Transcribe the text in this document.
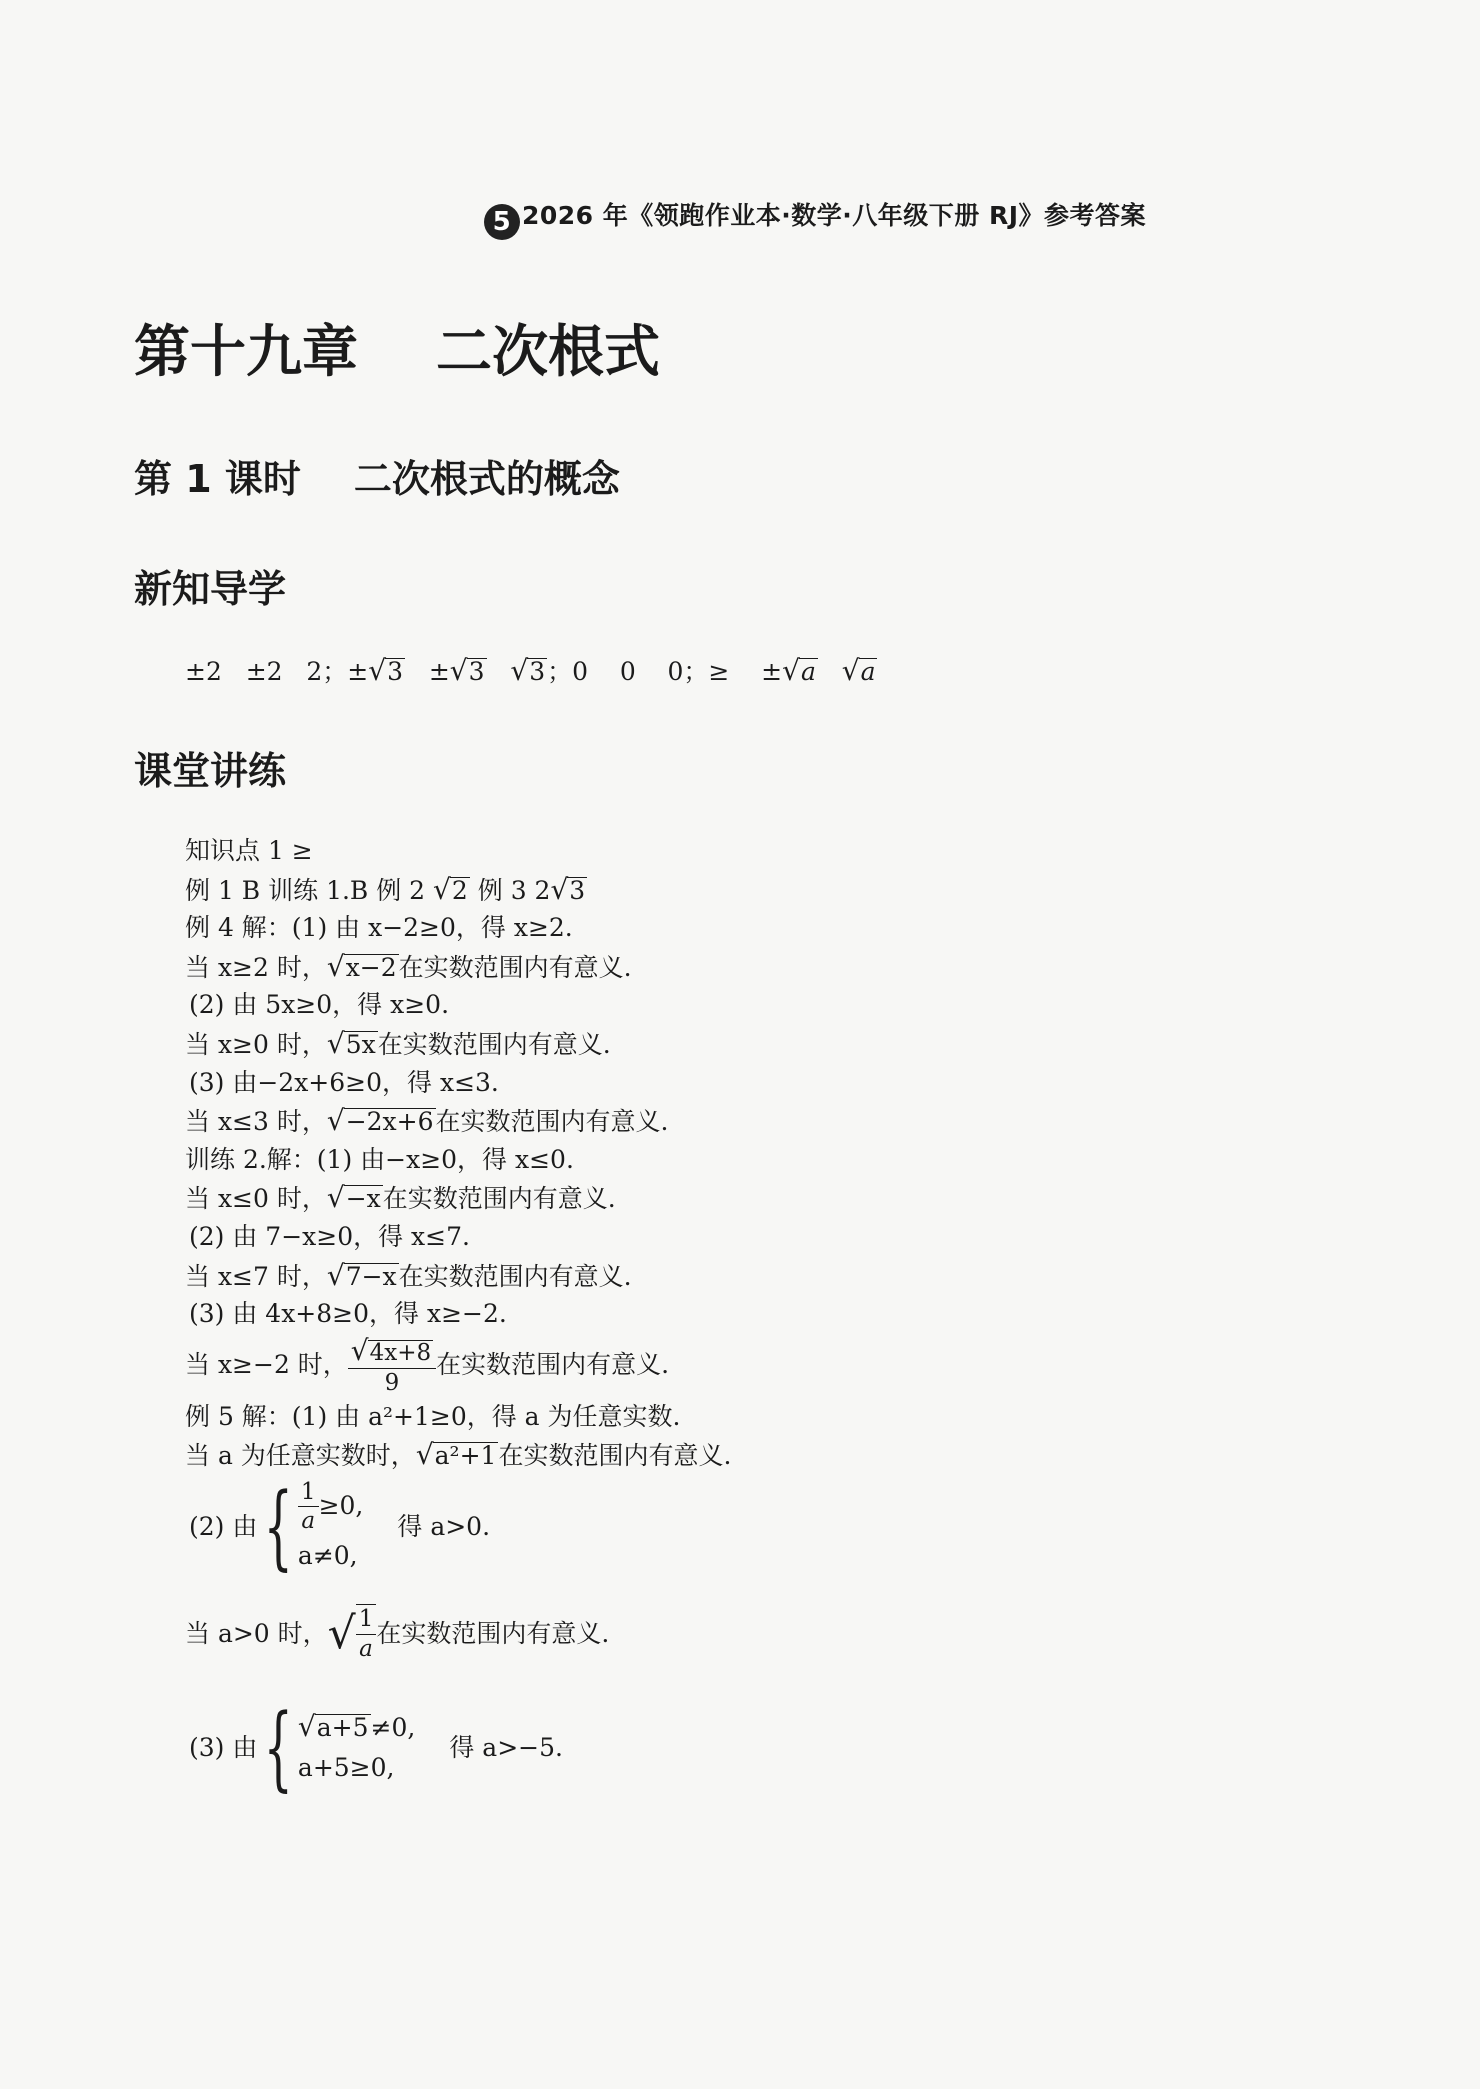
5 2026 年《领跑作业本·数学·八年级下册 RJ》参考答案
第十九章    二次根式
第 1 课时    二次根式的概念
新知导学
±2   ±2   2；±√3   ±√3 √3；0    0    0；≥    ±√a √a
课堂讲练
知识点 1 ≥
例 1 B 训练 1.B 例 2 √2 例 3 2√3
例 4 解：(1) 由 x−2≥0，得 x≥2.
当 x≥2 时，√x−2在实数范围内有意义.
(2) 由 5x≥0，得 x≥0.
当 x≥0 时，√5x在实数范围内有意义.
(3) 由−2x+6≥0，得 x≤3.
当 x≤3 时，√−2x+6在实数范围内有意义.
训练 2.解：(1) 由−x≥0，得 x≤0.
当 x≤0 时，√−x在实数范围内有意义.
(2) 由 7−x≥0，得 x≤7.
当 x≤7 时，√7−x在实数范围内有意义.
(3) 由 4x+8≥0，得 x≥−2.
当 x≥−2 时， $\frac{√4x+8}{9}$ 在实数范围内有意义.
例 5 解：(1) 由 a²+1≥0，得 a 为任意实数.
当 a 为任意实数时，√a²+1在实数范围内有意义.
(2) 由 { $\frac{1}{a} \ge 0$,
a≠0,
得 a>0.
当 a>0 时， √ $\frac{1}{a}$ 在实数范围内有意义.
(3) 由 { √a+5≠0,
a+5≥0,
得 a>−5.
